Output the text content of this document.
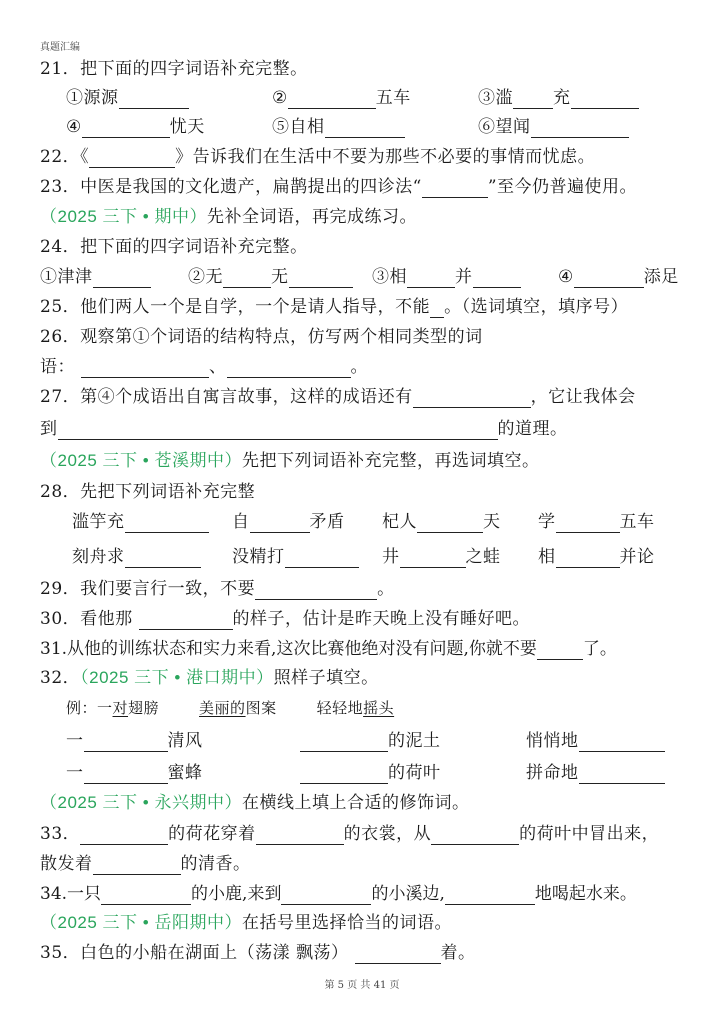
真题汇编
21．把下面的四字词语补充完整。
①源源	②	五车	③滥 充
④	忧天	⑤自相	⑥望闻
22．《	》告诉我们在生活中不要为那些不必要的事情而忧虑。
23．中医是我国的文化遗产，扁鹊提出的四诊法“	”至今仍普遍使用。
（2025 三下 • 期中）先补全词语，再完成练习。
24．把下面的四字词语补充完整。
①津津	②无	无	③相	并	④	添足
25．他们两人一个是自学，一个是请人指导，不能 。（选词填空，填序号）
26．观察第①个词语的结构特点，仿写两个相同类型的词
语：	、	。
27．第④个成语出自寓言故事，这样的成语还有	，它让我体会
到	的道理。
（2025 三下 • 苍溪期中）先把下列词语补充完整，再选词填空。
28．先把下列词语补充完整
滥竽充	自	矛盾 杞人	天 学	五车
刻舟求	没精打	井	之蛙 相	并论
29．我们要言行一致，不要	。
30．看他那	的样子，估计是昨天晚上没有睡好吧。
31.从他的训练状态和实力来看,这次比赛他绝对没有问题,你就不要	了。
32．（2025 三下 • 港口期中）照样子填空。
例：一对翅膀	美丽的图案	轻轻地摇头
一	清风	的泥土	悄悄地
一	蜜蜂	的荷叶	拼命地
（2025 三下 • 永兴期中）在横线上填上合适的修饰词。
33．	的荷花穿着	的衣裳，从	的荷叶中冒出来，
散发着	的清香。
34.一只	的小鹿,来到	的小溪边,	地喝起水来。
（2025 三下 • 岳阳期中）在括号里选择恰当的词语。
35．白色的小船在湖面上（荡漾 飘荡）	着。
第 5 页 共 41 页
